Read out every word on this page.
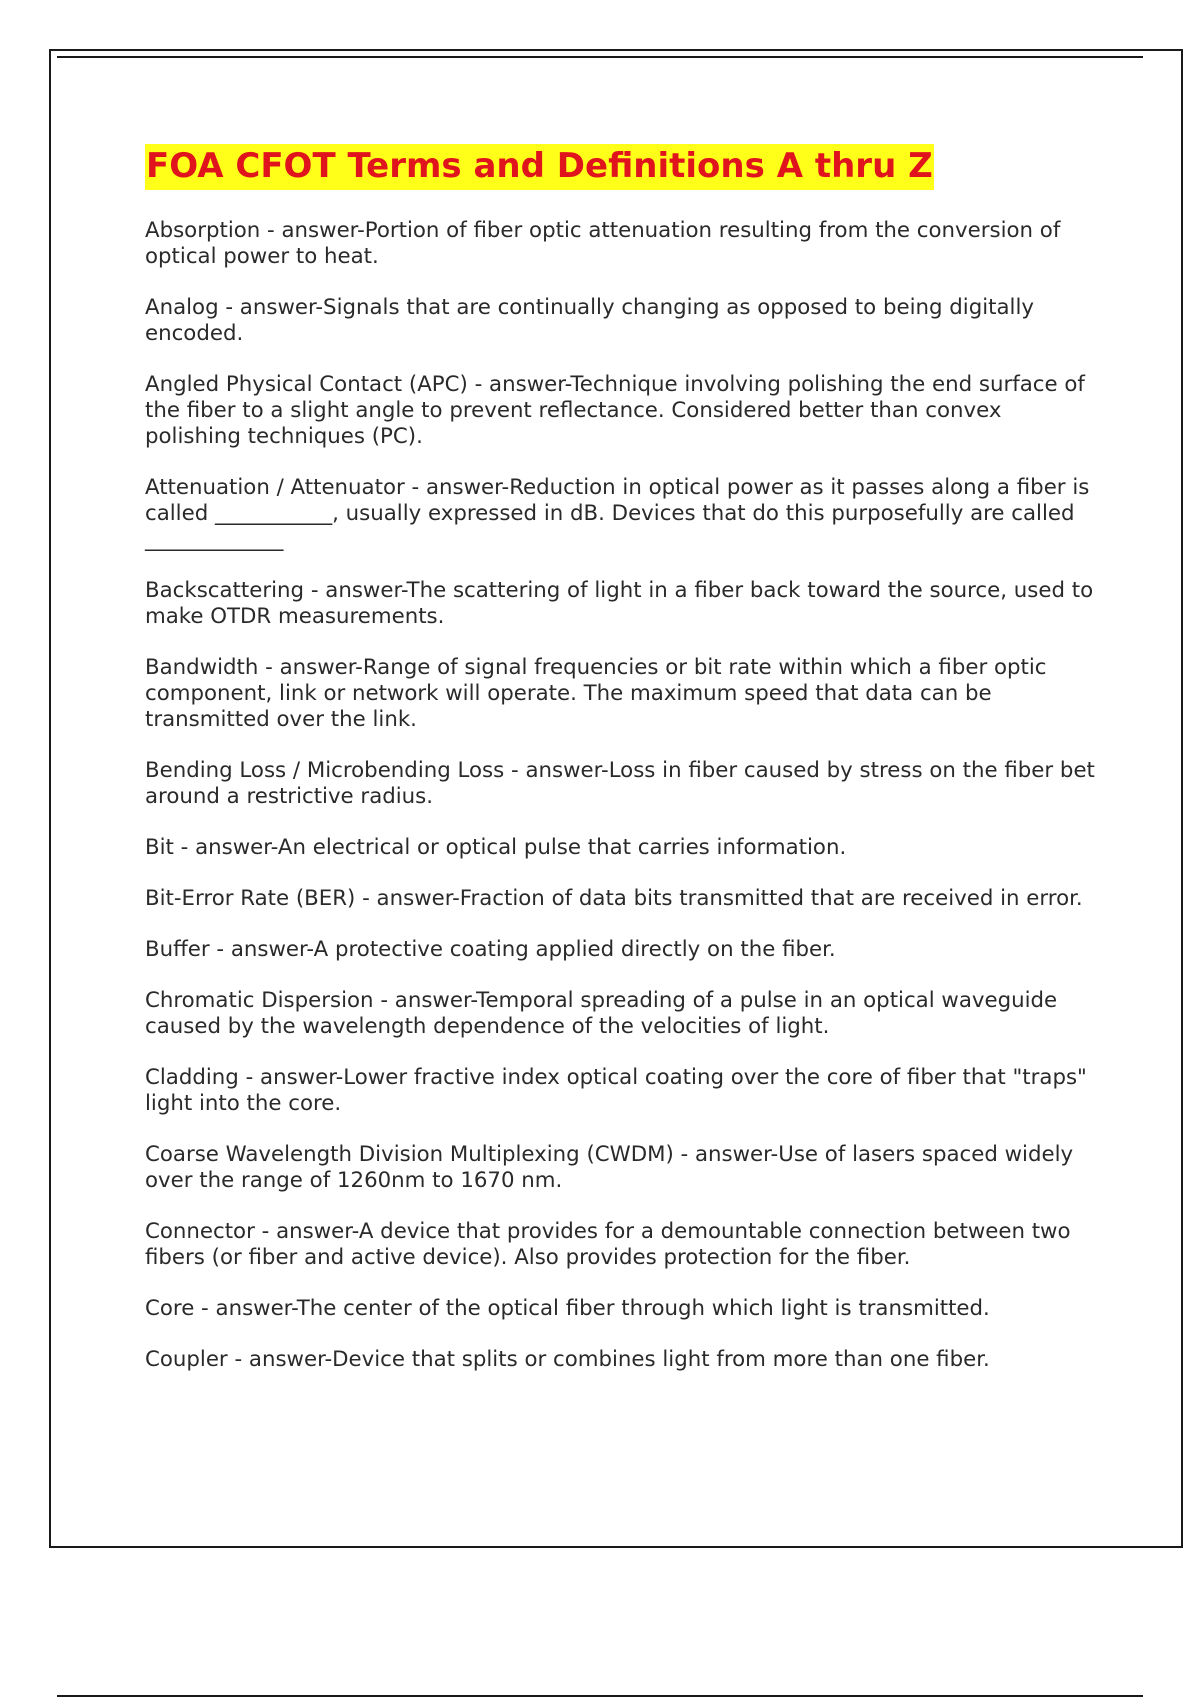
FOA CFOT Terms and Definitions A thru Z

Absorption - answer-Portion of fiber optic attenuation resulting from the conversion of optical power to heat.

Analog - answer-Signals that are continually changing as opposed to being digitally encoded.

Angled Physical Contact (APC) - answer-Technique involving polishing the end surface of the fiber to a slight angle to prevent reflectance. Considered better than convex polishing techniques (PC).

Attenuation / Attenuator - answer-Reduction in optical power as it passes along a fiber is called ___________, usually expressed in dB. Devices that do this purposefully are called _____________

Backscattering - answer-The scattering of light in a fiber back toward the source, used to make OTDR measurements.

Bandwidth - answer-Range of signal frequencies or bit rate within which a fiber optic component, link or network will operate. The maximum speed that data can be transmitted over the link.

Bending Loss / Microbending Loss - answer-Loss in fiber caused by stress on the fiber bet around a restrictive radius.

Bit - answer-An electrical or optical pulse that carries information.

Bit-Error Rate (BER) - answer-Fraction of data bits transmitted that are received in error.

Buffer - answer-A protective coating applied directly on the fiber.

Chromatic Dispersion - answer-Temporal spreading of a pulse in an optical waveguide caused by the wavelength dependence of the velocities of light.

Cladding - answer-Lower fractive index optical coating over the core of fiber that "traps" light into the core.

Coarse Wavelength Division Multiplexing (CWDM) - answer-Use of lasers spaced widely over the range of 1260nm to 1670 nm.

Connector - answer-A device that provides for a demountable connection between two fibers (or fiber and active device). Also provides protection for the fiber.

Core - answer-The center of the optical fiber through which light is transmitted.

Coupler - answer-Device that splits or combines light from more than one fiber.
